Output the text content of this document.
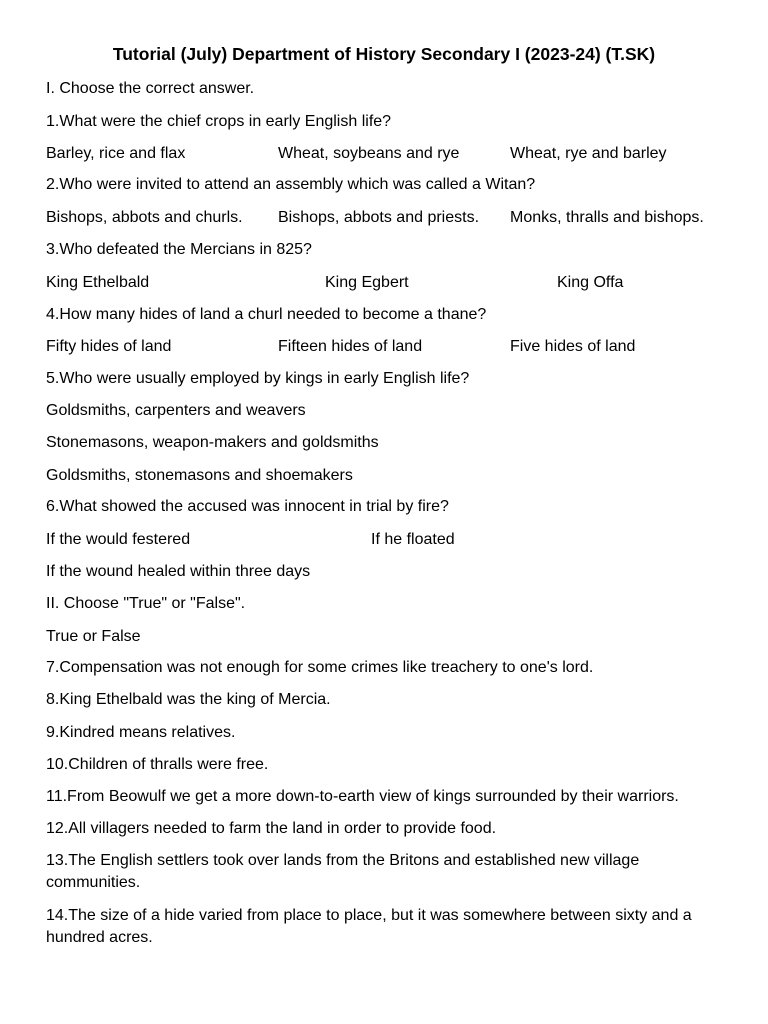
Tutorial (July) Department of History Secondary I (2023-24) (T.SK)
I. Choose the correct answer.
1.What were the chief crops in early English life?
Barley, rice and flax	Wheat, soybeans and rye	Wheat, rye and barley
2.Who were invited to attend an assembly which was called a Witan?
Bishops, abbots and churls. Bishops, abbots and priests. Monks, thralls and bishops.
3.Who defeated the Mercians in 825?
King Ethelbald	King Egbert	King Offa
4.How many hides of land a churl needed to become a thane?
Fifty hides of land	Fifteen hides of land	Five hides of land
5.Who were usually employed by kings in early English life?
Goldsmiths, carpenters and weavers
Stonemasons, weapon-makers and goldsmiths
Goldsmiths, stonemasons and shoemakers
6.What showed the accused was innocent in trial by fire?
If the would festered	If he floated
If the wound healed within three days
II. Choose "True" or "False".
True or False
7.Compensation was not enough for some crimes like treachery to one's lord.
8.King Ethelbald was the king of Mercia.
9.Kindred means relatives.
10.Children of thralls were free.
11.From Beowulf we get a more down-to-earth view of kings surrounded by their warriors.
12.All villagers needed to farm the land in order to provide food.
13.The English settlers took over lands from the Britons and established new village communities.
14.The size of a hide varied from place to place, but it was somewhere between sixty and a hundred acres.
